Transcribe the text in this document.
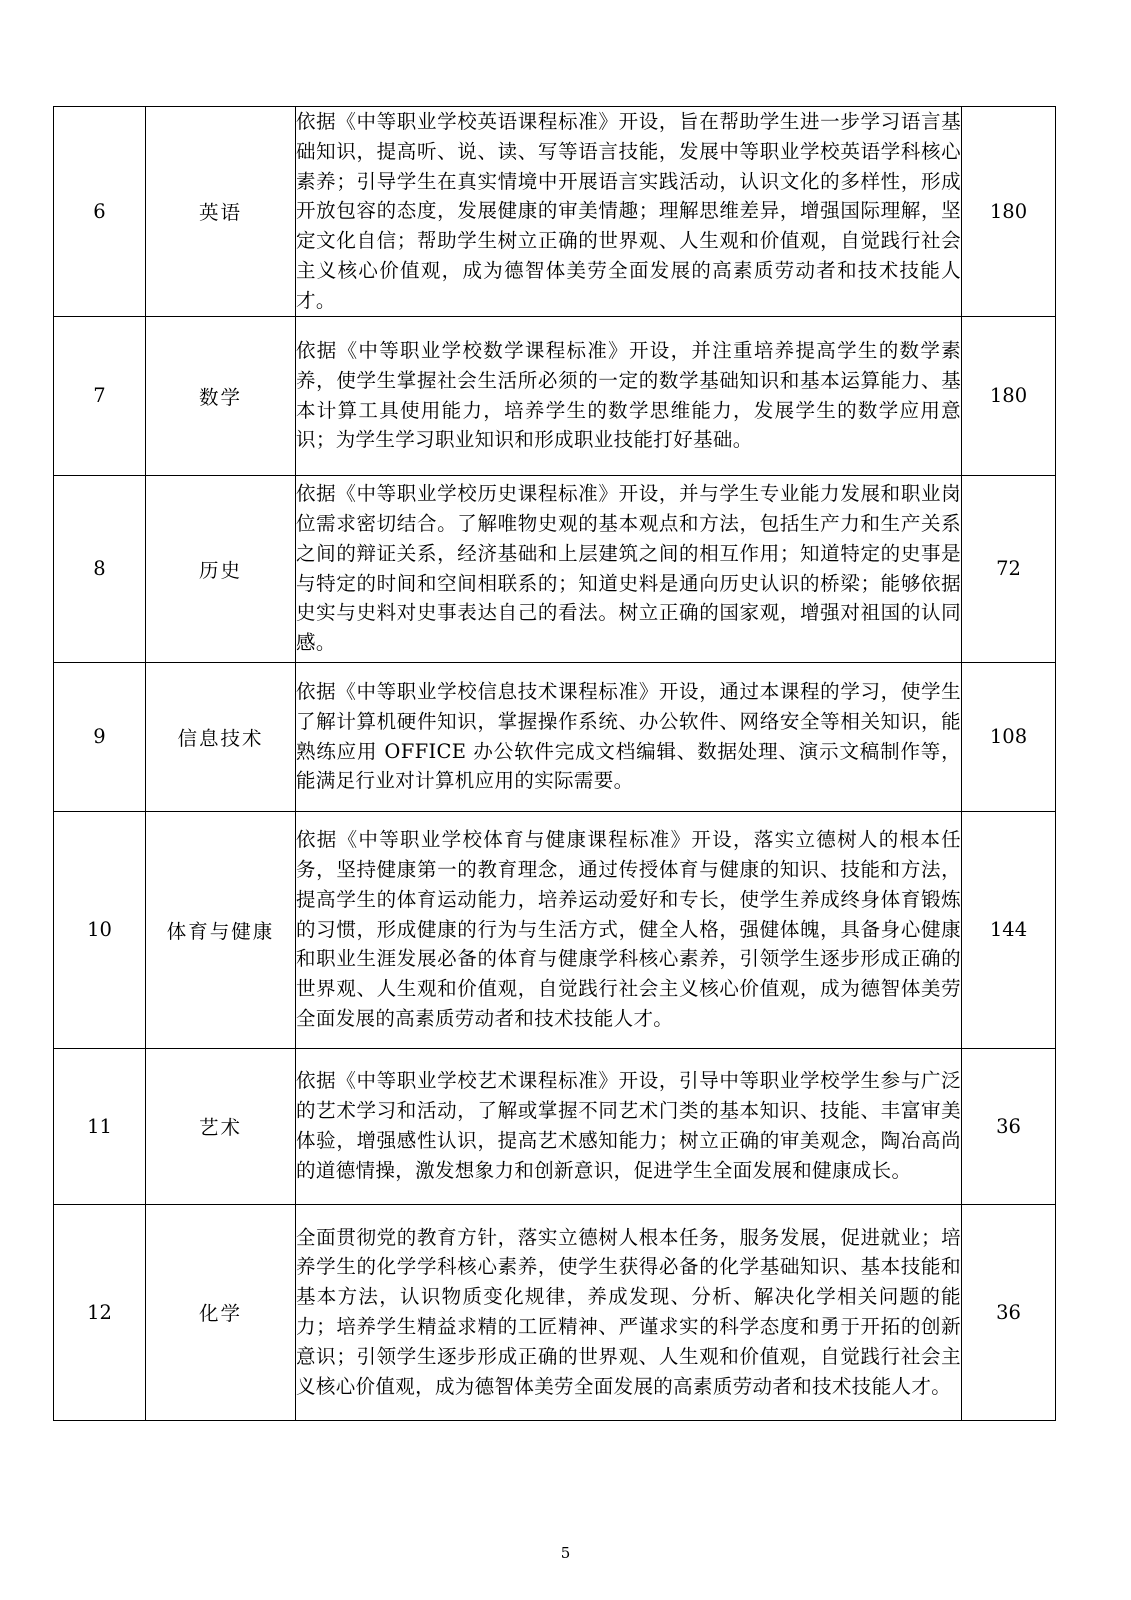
6	英语	依据《中等职业学校英语课程标准》开设，旨在帮助学生进一步学习语言基础知识，提高听、说、读、写等语言技能，发展中等职业学校英语学科核心素养；引导学生在真实情境中开展语言实践活动，认识文化的多样性，形成开放包容的态度，发展健康的审美情趣；理解思维差异，增强国际理解，坚定文化自信；帮助学生树立正确的世界观、人生观和价值观，自觉践行社会主义核心价值观，成为德智体美劳全面发展的高素质劳动者和技术技能人才。	180
7	数学	依据《中等职业学校数学课程标准》开设，并注重培养提高学生的数学素养，使学生掌握社会生活所必须的一定的数学基础知识和基本运算能力、基本计算工具使用能力，培养学生的数学思维能力，发展学生的数学应用意识；为学生学习职业知识和形成职业技能打好基础。	180
8	历史	依据《中等职业学校历史课程标准》开设，并与学生专业能力发展和职业岗位需求密切结合。了解唯物史观的基本观点和方法，包括生产力和生产关系之间的辩证关系，经济基础和上层建筑之间的相互作用；知道特定的史事是与特定的时间和空间相联系的；知道史料是通向历史认识的桥梁；能够依据史实与史料对史事表达自己的看法。树立正确的国家观，增强对祖国的认同感。	72
9	信息技术	依据《中等职业学校信息技术课程标准》开设，通过本课程的学习，使学生了解计算机硬件知识，掌握操作系统、办公软件、网络安全等相关知识，能熟练应用 OFFICE 办公软件完成文档编辑、数据处理、演示文稿制作等，能满足行业对计算机应用的实际需要。	108
10	体育与健康	依据《中等职业学校体育与健康课程标准》开设，落实立德树人的根本任务，坚持健康第一的教育理念，通过传授体育与健康的知识、技能和方法，提高学生的体育运动能力，培养运动爱好和专长，使学生养成终身体育锻炼的习惯，形成健康的行为与生活方式，健全人格，强健体魄，具备身心健康和职业生涯发展必备的体育与健康学科核心素养，引领学生逐步形成正确的世界观、人生观和价值观，自觉践行社会主义核心价值观，成为德智体美劳全面发展的高素质劳动者和技术技能人才。	144
11	艺术	依据《中等职业学校艺术课程标准》开设，引导中等职业学校学生参与广泛的艺术学习和活动，了解或掌握不同艺术门类的基本知识、技能、丰富审美体验，增强感性认识，提高艺术感知能力；树立正确的审美观念，陶冶高尚的道德情操，激发想象力和创新意识，促进学生全面发展和健康成长。	36
12	化学	全面贯彻党的教育方针，落实立德树人根本任务，服务发展，促进就业；培养学生的化学学科核心素养，使学生获得必备的化学基础知识、基本技能和基本方法，认识物质变化规律，养成发现、分析、解决化学相关问题的能力；培养学生精益求精的工匠精神、严谨求实的科学态度和勇于开拓的创新意识；引领学生逐步形成正确的世界观、人生观和价值观，自觉践行社会主义核心价值观，成为德智体美劳全面发展的高素质劳动者和技术技能人才。	36
5
